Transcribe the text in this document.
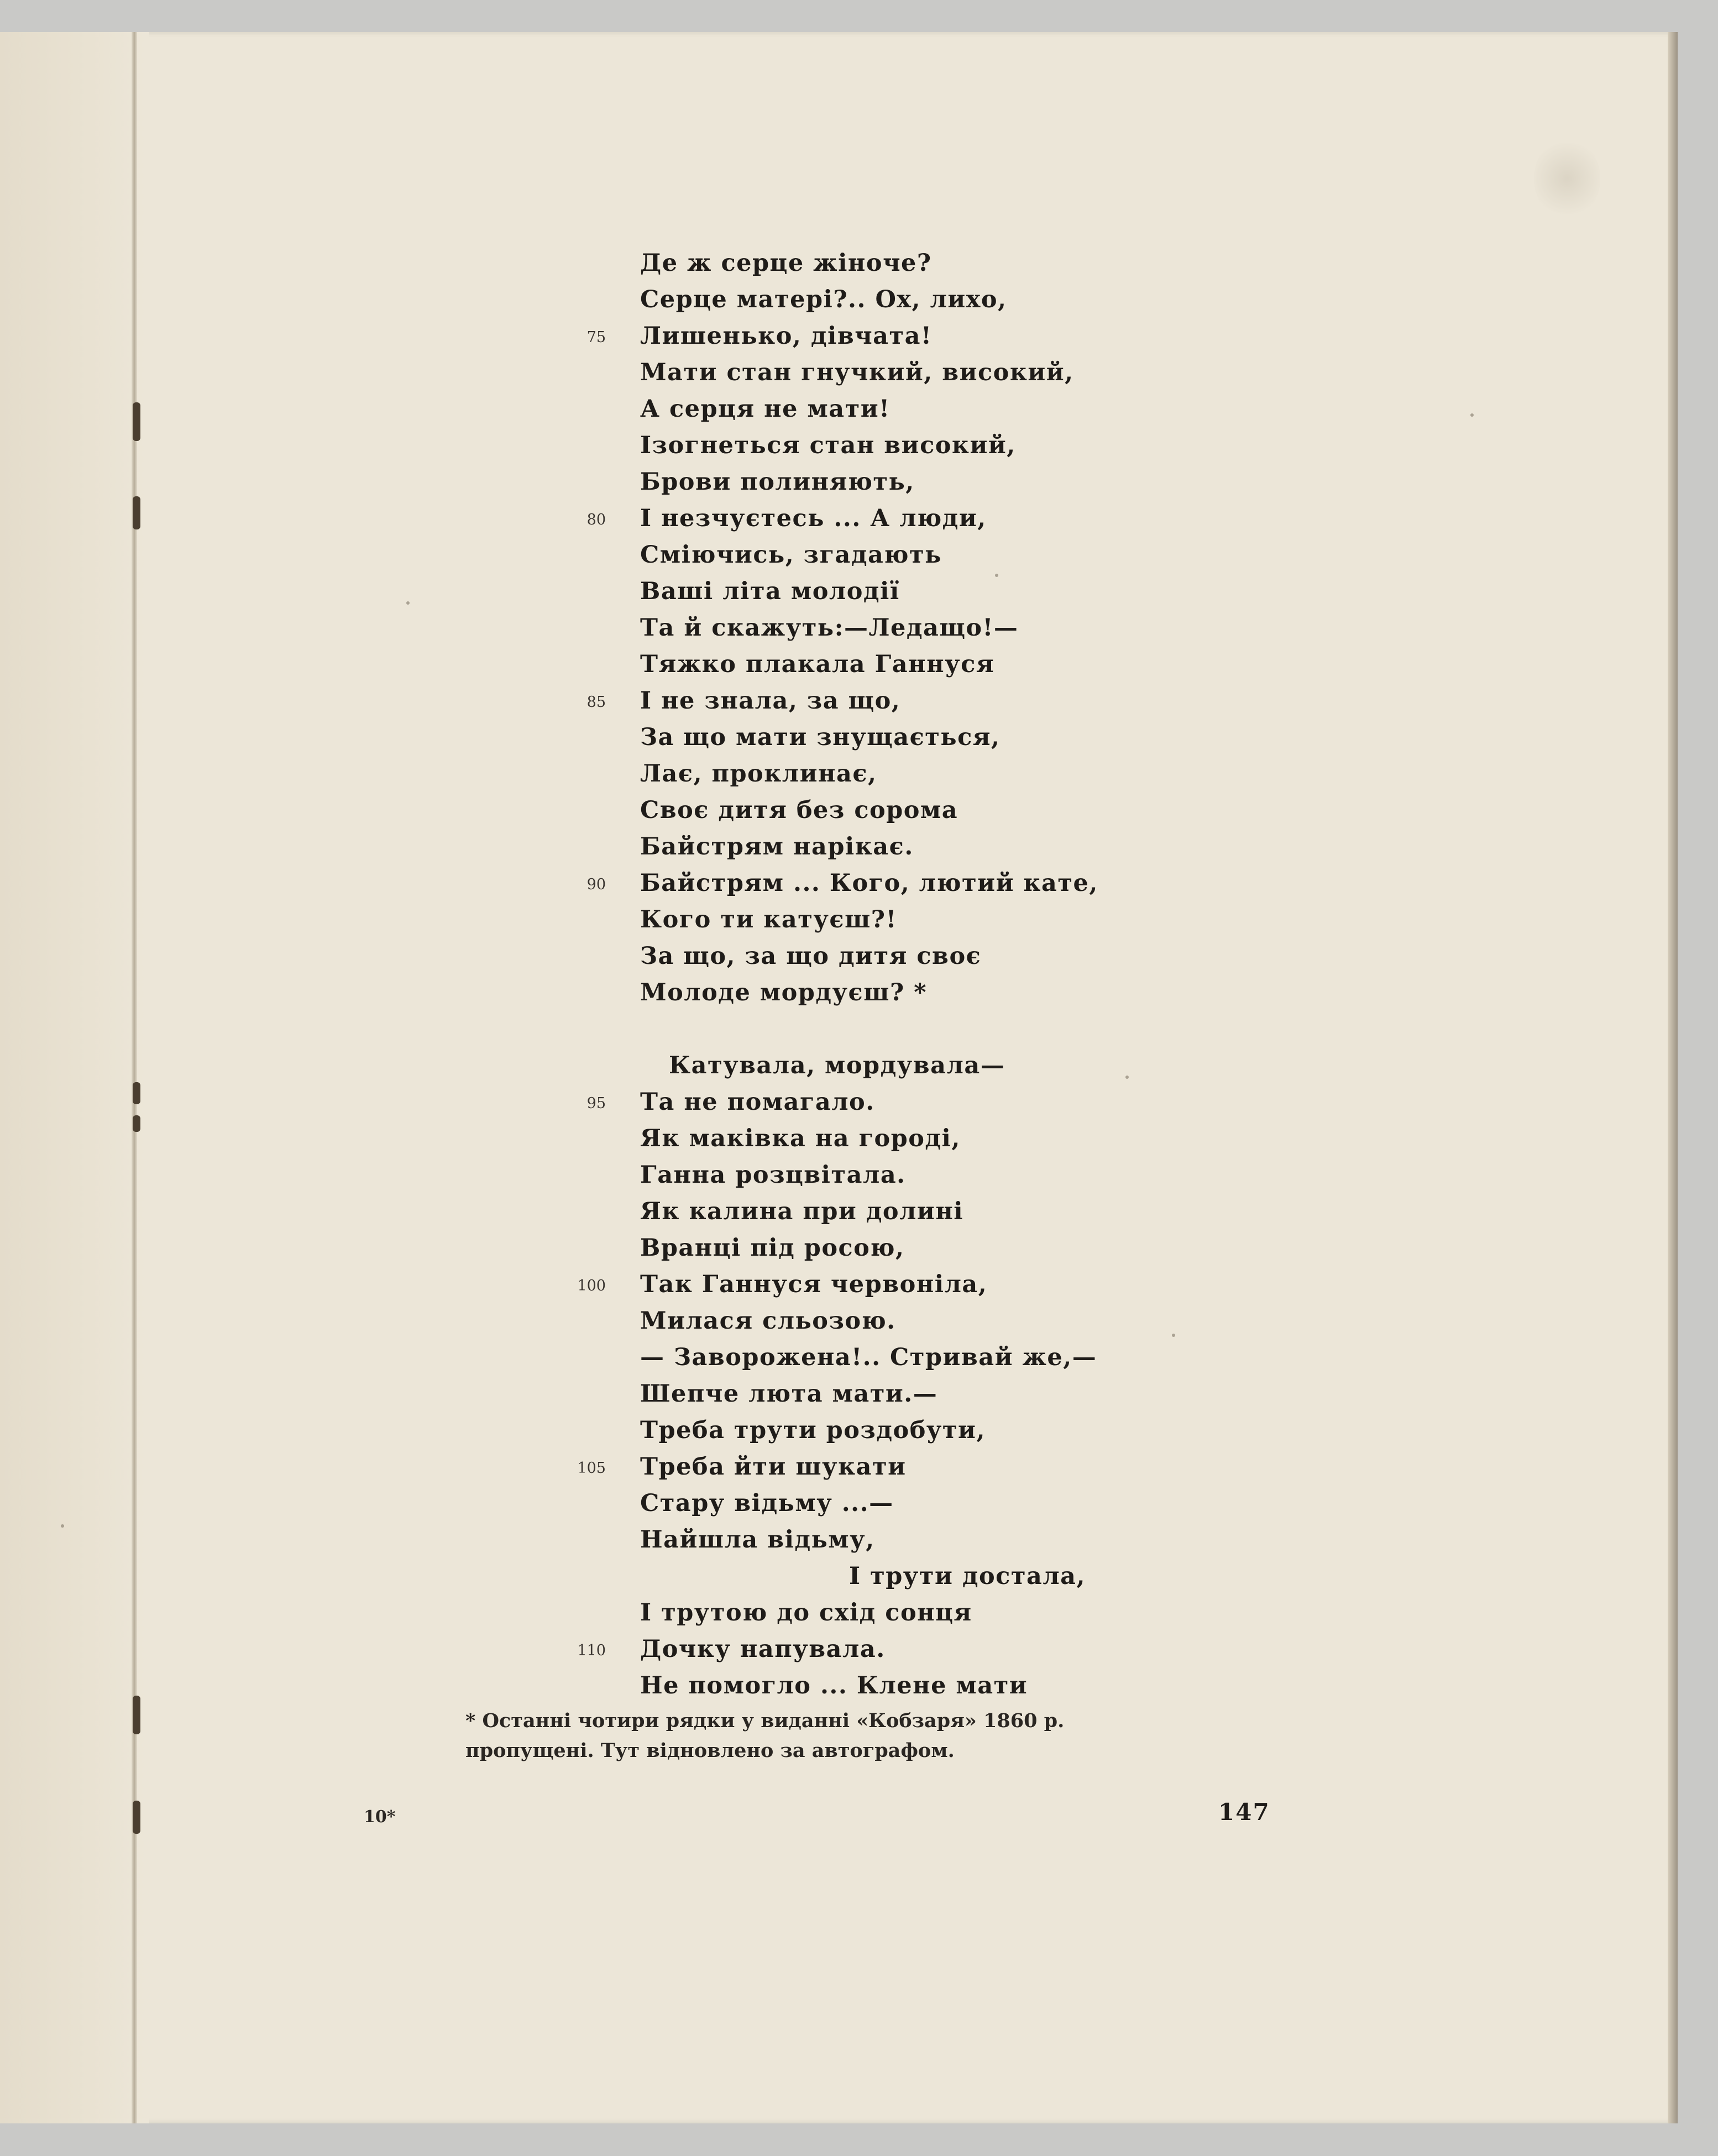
Де ж серце жіноче?
Серце матері?.. Ох, лихо,
Лишенько, дівчата!
75
Мати стан гнучкий, високий,
А серця не мати!
Ізогнеться стан високий,
Брови полиняють,
І незчуєтесь ... А люди,
80
Сміючись, згадають
Ваші літа молодії
Та й скажуть:—Ледащо!—
Тяжко плакала Ганнуся
І не знала, за що,
85
За що мати знущається,
Лає, проклинає,
Своє дитя без сорома
Байстрям нарікає.
Байстрям ... Кого, лютий кате,
90
Кого ти катуєш?!
За що, за що дитя своє
Молоде мордуєш? *
Катувала, мордувала—
Та не помагало.
95
Як маківка на городі,
Ганна розцвітала.
Як калина при долині
Вранці під росою,
Так Ганнуся червоніла,
100
Милася сльозою.
— Заворожена!.. Стривай же,—
Шепче люта мати.—
Треба трути роздобути,
Треба йти шукати
105
Стару відьму ...—
Найшла відьму,
І трути достала,
І трутою до схід сонця
Дочку напувала.
110
Не помогло ... Клене мати
* Останні чотири рядки у виданні «Кобзаря» 1860 р.
пропущені. Тут відновлено за автографом.
10*	147
